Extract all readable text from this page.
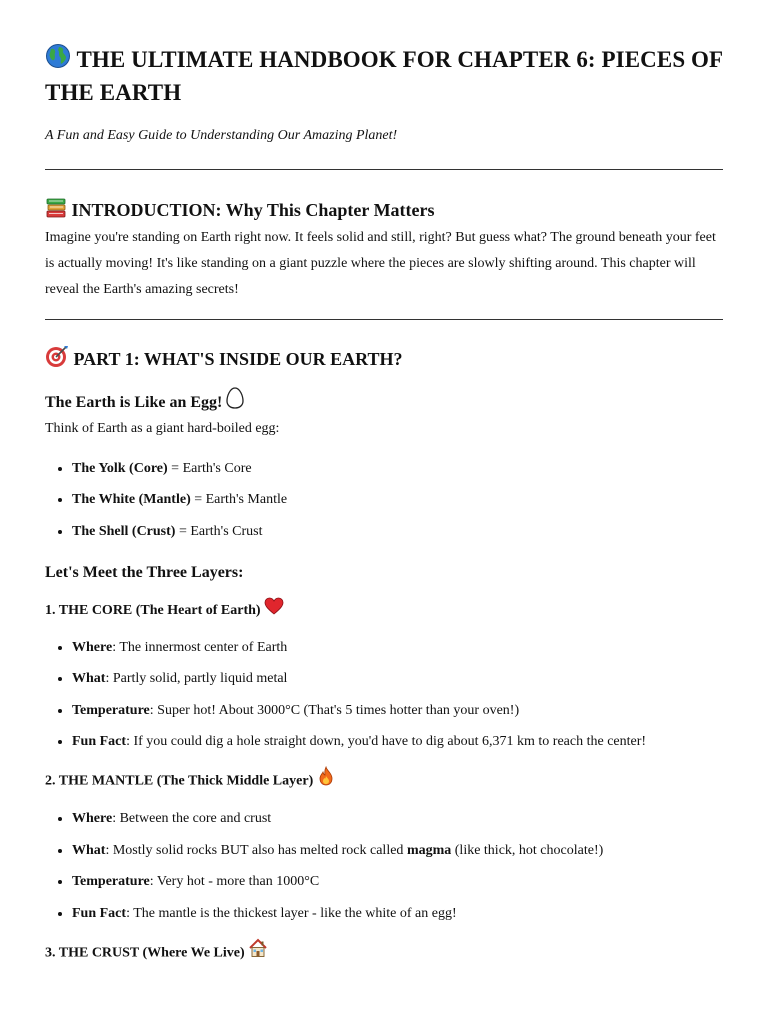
THE ULTIMATE HANDBOOK FOR CHAPTER 6: PIECES OF THE EARTH

A Fun and Easy Guide to Understanding Our Amazing Planet!

INTRODUCTION: Why This Chapter Matters

Imagine you're standing on Earth right now. It feels solid and still, right? But guess what? The ground beneath your feet is actually moving! It's like standing on a giant puzzle where the pieces are slowly shifting around. This chapter will reveal the Earth's amazing secrets!

PART 1: WHAT'S INSIDE OUR EARTH?
The Earth is Like an Egg!

Think of Earth as a giant hard-boiled egg:

• The Yolk (Core) = Earth's Core
• The White (Mantle) = Earth's Mantle
• The Shell (Crust) = Earth's Crust
Let's Meet the Three Layers:
1. THE CORE (The Heart of Earth)
• Where: The innermost center of Earth
• What: Partly solid, partly liquid metal
• Temperature: Super hot! About 3000°C (That's 5 times hotter than your oven!)
• Fun Fact: If you could dig a hole straight down, you'd have to dig about 6,371 km to reach the center!
2. THE MANTLE (The Thick Middle Layer)
• Where: Between the core and crust
• What: Mostly solid rocks BUT also has melted rock called magma (like thick, hot chocolate!)
• Temperature: Very hot - more than 1000°C
• Fun Fact: The mantle is the thickest layer - like the white of an egg!
3. THE CRUST (Where We Live)
